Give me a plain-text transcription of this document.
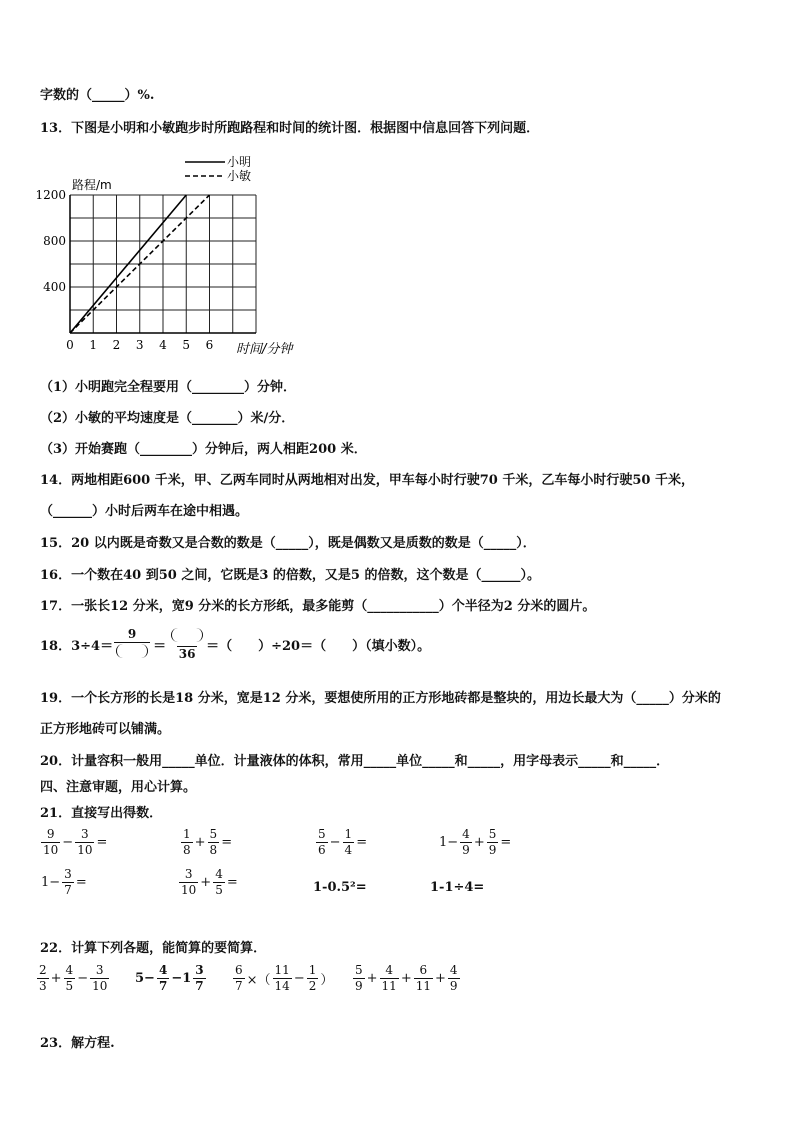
字数的（_____）%.
13．下图是小明和小敏跑步时所跑路程和时间的统计图．根据图中信息回答下列问题．
0 1 2 3 4 5 6
400
800
1200
路程/m
时间/分钟
小明
小敏
（1）小明跑完全程要用（________）分钟．
（2）小敏的平均速度是（_______）米/分．
（3）开始赛跑（________）分钟后，两人相距200 米．
14．两地相距600 千米，甲、乙两车同时从两地相对出发，甲车每小时行驶70 千米，乙车每小时行驶50 千米，
（______）小时后两车在途中相遇。
15．20 以内既是奇数又是合数的数是（_____），既是偶数又是质数的数是（_____）．
16．一个数在40 到50 之间，它既是3 的倍数，又是5 的倍数，这个数是（______）。
17．一张长12 分米，宽9 分米的长方形纸，最多能剪（___________）个半径为2 分米的圆片。
18．3÷4＝
9
＝ 36 ＝（　　）÷20＝（　　）（填小数）。
19．一个长方形的长是18 分米，宽是12 分米，要想使所用的正方形地砖都是整块的，用边长最大为（_____）分米的
正方形地砖可以铺满。
20．计量容积一般用_____单位．计量液体的体积，常用_____单位_____和_____，用字母表示_____和_____．
四、注意审题，用心计算。
21．直接写出得数．
$\frac{9}{10} - \frac{3}{10}$ =	$\frac{1}{8} + \frac{5}{8}$ =	$\frac{5}{6} - \frac{1}{4}$ =	$1- \frac{4}{9} + \frac{5}{9}$ =
$1- \frac{3}{7}$ =	$\frac{3}{10} + \frac{4}{5}$ =	1-0.5²=	1-1÷4=
22．计算下列各题，能简算的要简算．
$\frac{2}{3} + \frac{4}{5} - \frac{3}{10} 5- \frac{4}{7} -1 \frac{3}{7} \frac{6}{7}$ ×（ $\frac{11}{14} - \frac{1}{2}$ ） $\frac{5}{9} + \frac{4}{11} + \frac{6}{11} + \frac{4}{9}$
23．解方程.
